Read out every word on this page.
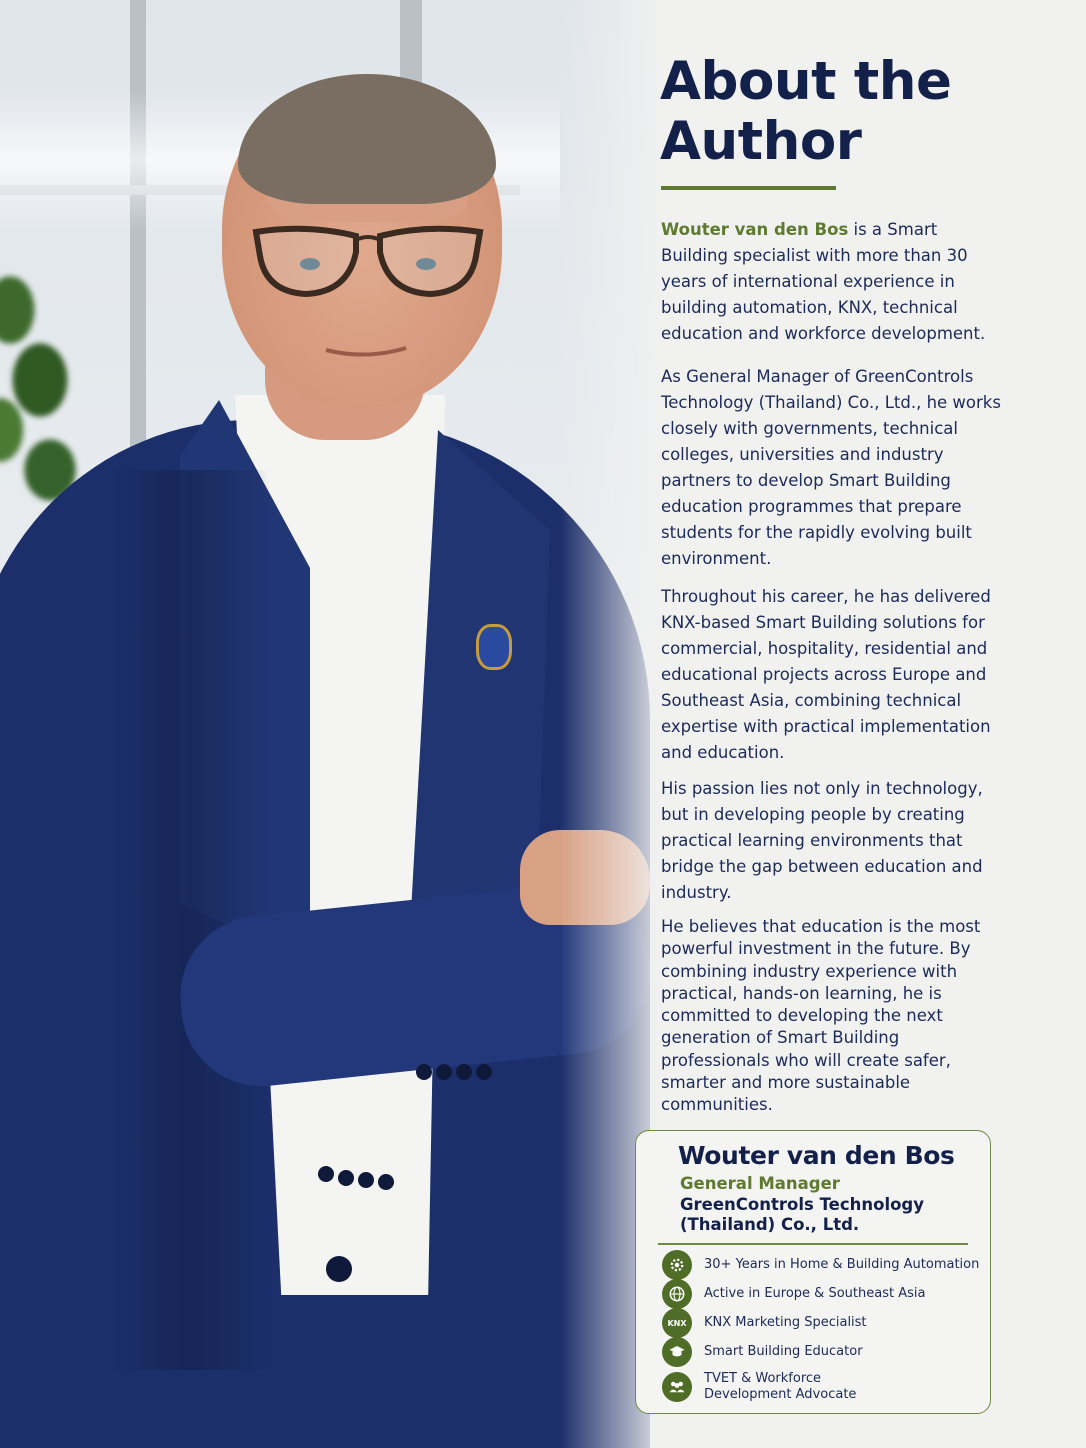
About the Author

Wouter van den Bos is a Smart Building specialist with more than 30 years of international experience in building automation, KNX, technical education and workforce development.

As General Manager of GreenControls Technology (Thailand) Co., Ltd., he works closely with governments, technical colleges, universities and industry partners to develop Smart Building education programmes that prepare students for the rapidly evolving built environment.

Throughout his career, he has delivered KNX-based Smart Building solutions for commercial, hospitality, residential and educational projects across Europe and Southeast Asia, combining technical expertise with practical implementation and education.

His passion lies not only in technology, but in developing people by creating practical learning environments that bridge the gap between education and industry.

He believes that education is the most powerful investment in the future. By combining industry experience with practical, hands-on learning, he is committed to developing the next generation of Smart Building professionals who will create safer, smarter and more sustainable communities.

Wouter van den Bos
General Manager
GreenControls Technology (Thailand) Co., Ltd.
30+ Years in Home & Building Automation
Active in Europe & Southeast Asia
KNX	KNX Marketing Specialist
Smart Building Educator
TVET & Workforce Development Advocate
